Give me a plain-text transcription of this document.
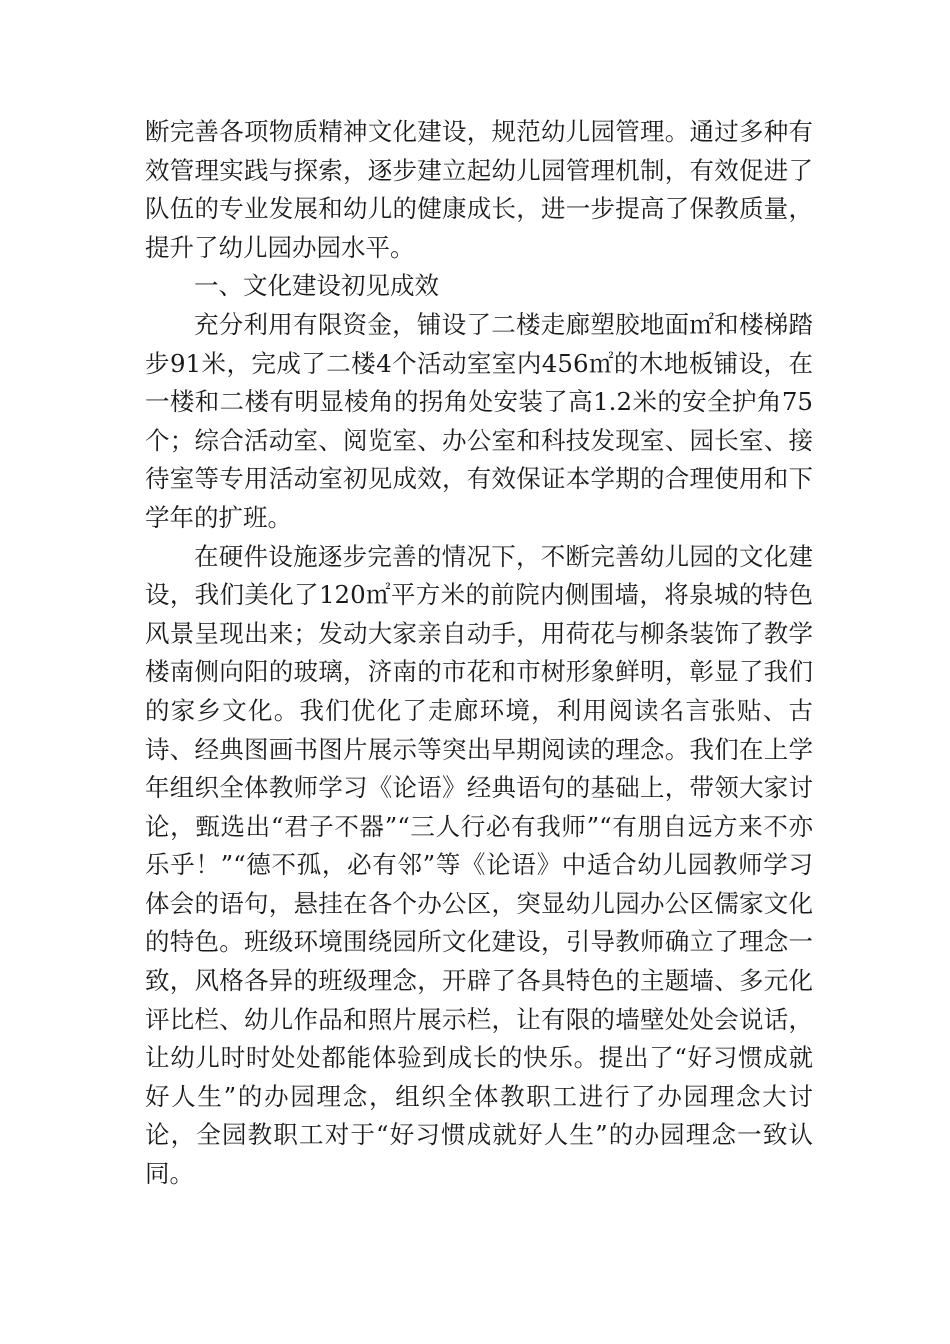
断完善各项物质精神文化建设，规范幼儿园管理。通过多种有效管理实践与探索，逐步建立起幼儿园管理机制，有效促进了队伍的专业发展和幼儿的健康成长，进一步提高了保教质量，提升了幼儿园办园水平。

一、文化建设初见成效

充分利用有限资金，铺设了二楼走廊塑胶地面㎡和楼梯踏步91米，完成了二楼4个活动室室内456㎡的木地板铺设，在一楼和二楼有明显棱角的拐角处安装了高1.2米的安全护角75个；综合活动室、阅览室、办公室和科技发现室、园长室、接待室等专用活动室初见成效，有效保证本学期的合理使用和下学年的扩班。

在硬件设施逐步完善的情况下，不断完善幼儿园的文化建设，我们美化了120㎡平方米的前院内侧围墙，将泉城的特色风景呈现出来；发动大家亲自动手，用荷花与柳条装饰了教学楼南侧向阳的玻璃，济南的市花和市树形象鲜明，彰显了我们的家乡文化。我们优化了走廊环境，利用阅读名言张贴、古诗、经典图画书图片展示等突出早期阅读的理念。我们在上学年组织全体教师学习《论语》经典语句的基础上，带领大家讨论，甄选出“君子不器”“三人行必有我师”“有朋自远方来不亦乐乎！”“德不孤，必有邻”等《论语》中适合幼儿园教师学习体会的语句，悬挂在各个办公区，突显幼儿园办公区儒家文化的特色。班级环境围绕园所文化建设，引导教师确立了理念一致，风格各异的班级理念，开辟了各具特色的主题墙、多元化评比栏、幼儿作品和照片展示栏，让有限的墙壁处处会说话，让幼儿时时处处都能体验到成长的快乐。提出了“好习惯成就好人生”的办园理念，组织全体教职工进行了办园理念大讨论，全园教职工对于“好习惯成就好人生”的办园理念一致认同。
